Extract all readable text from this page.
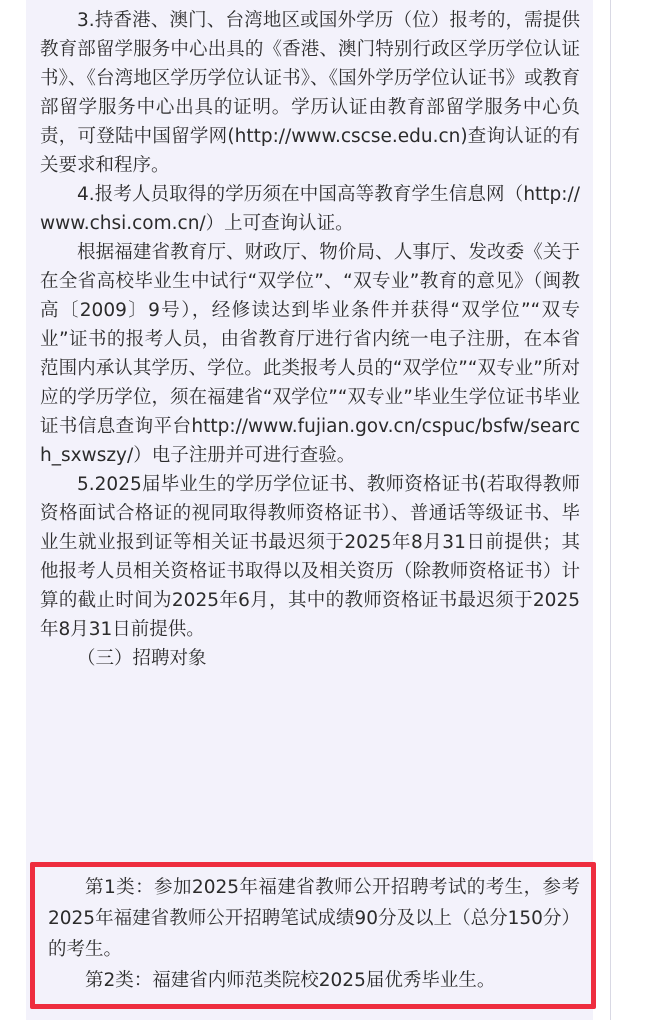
3.持香港、澳门、台湾地区或国外学历（位）报考的，需提供教育部留学服务中心出具的《香港、澳门特别行政区学历学位认证书》、《台湾地区学历学位认证书》、《国外学历学位认证书》或教育部留学服务中心出具的证明。学历认证由教育部留学服务中心负责，可登陆中国留学网(http://www.cscse.edu.cn)查询认证的有关要求和程序。

4.报考人员取得的学历须在中国高等教育学生信息网（http://www.chsi.com.cn/）上可查询认证。

根据福建省教育厅、财政厅、物价局、人事厅、发改委《关于在全省高校毕业生中试行“双学位”、“双专业”教育的意见》（闽教高〔2009〕9号），经修读达到毕业条件并获得“双学位”“双专业”证书的报考人员，由省教育厅进行省内统一电子注册，在本省范围内承认其学历、学位。此类报考人员的“双学位”“双专业”所对应的学历学位，须在福建省“双学位”“双专业”毕业生学位证书毕业证书信息查询平台http://www.fujian.gov.cn/cspuc/bsfw/search_sxwszy/）电子注册并可进行查验。

5.2025届毕业生的学历学位证书、教师资格证书(若取得教师资格面试合格证的视同取得教师资格证书）、普通话等级证书、毕业生就业报到证等相关证书最迟须于2025年8月31日前提供；其他报考人员相关资格证书取得以及相关资历（除教师资格证书）计算的截止时间为2025年6月，其中的教师资格证书最迟须于2025年8月31日前提供。

（三）招聘对象

第1类：参加2025年福建省教师公开招聘考试的考生，参考2025年福建省教师公开招聘笔试成绩90分及以上（总分150分）的考生。

第2类：福建省内师范类院校2025届优秀毕业生。
